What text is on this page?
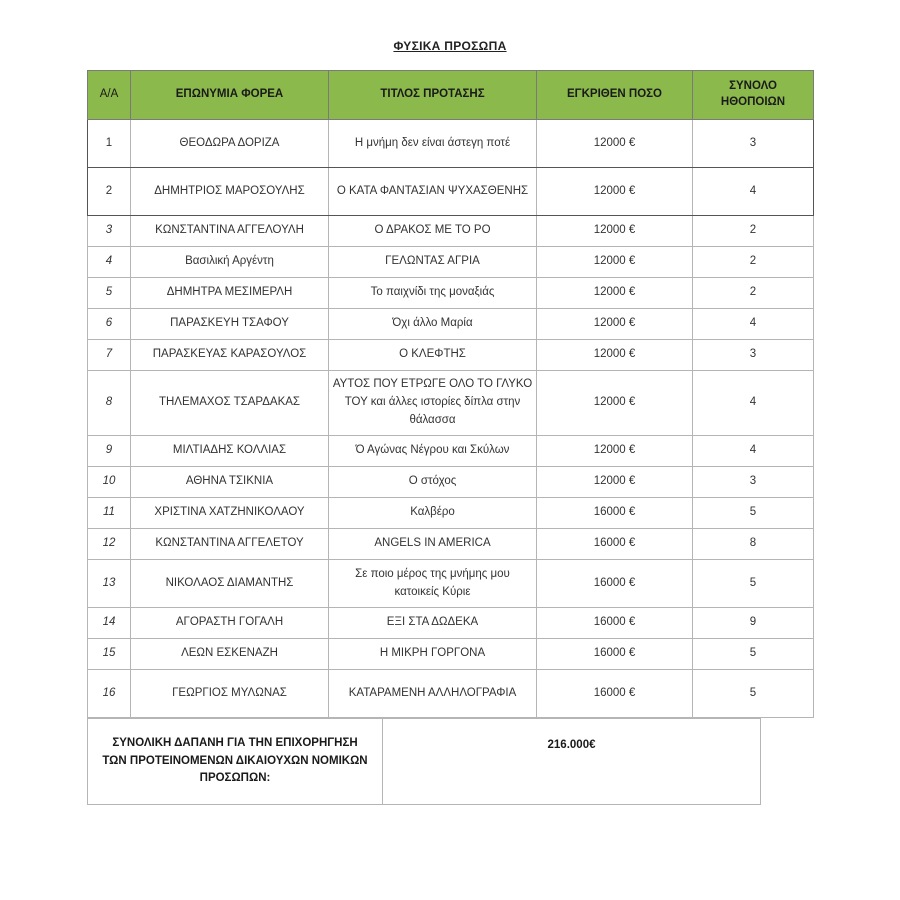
ΦΥΣΙΚΑ ΠΡΟΣΩΠΑ
Α/Α	ΕΠΩΝΥΜΙΑ ΦΟΡΕΑ	ΤΙΤΛΟΣ ΠΡΟΤΑΣΗΣ	ΕΓΚΡΙΘΕΝ ΠΟΣΟ	ΣΥΝΟΛΟ ΗΘΟΠΟΙΩΝ
1	ΘΕΟΔΩΡΑ ΔΟΡΙΖΑ	Η μνήμη δεν είναι άστεγη ποτέ	12000 €	3
2	ΔΗΜΗΤΡΙΟΣ ΜΑΡΟΣΟΥΛΗΣ	Ο ΚΑΤΑ ΦΑΝΤΑΣΙΑΝ ΨΥΧΑΣΘΕΝΗΣ	12000 €	4
3	ΚΩΝΣΤΑΝΤΙΝΑ ΑΓΓΕΛΟΥΛΗ	Ο ΔΡΑΚΟΣ ΜΕ ΤΟ ΡΟ	12000 €	2
4	Βασιλική Αργέντη	ΓΕΛΩΝΤΑΣ ΑΓΡΙΑ	12000 €	2
5	ΔΗΜΗΤΡΑ ΜΕΣΙΜΕΡΛΗ	Το παιχνίδι της μοναξιάς	12000 €	2
6	ΠΑΡΑΣΚΕΥΗ ΤΣΑΦΟΥ	Όχι άλλο Μαρία	12000 €	4
7	ΠΑΡΑΣΚΕΥΑΣ ΚΑΡΑΣΟΥΛΟΣ	Ο ΚΛΕΦΤΗΣ	12000 €	3
8	ΤΗΛΕΜΑΧΟΣ ΤΣΑΡΔΑΚΑΣ	ΑΥΤΟΣ ΠΟΥ ΕΤΡΩΓΕ ΟΛΟ ΤΟ ΓΛΥΚΟ ΤΟΥ και άλλες ιστορίες δίπλα στην θάλασσα	12000 €	4
9	ΜΙΛΤΙΑΔΗΣ ΚΟΛΛΙΑΣ	Ό Αγώνας Νέγρου και Σκύλων	12000 €	4
10	ΑΘΗΝΑ ΤΣΙΚΝΙΑ	Ο στόχος	12000 €	3
11	ΧΡΙΣΤΙΝΑ ΧΑΤΖΗΝΙΚΟΛΑΟΥ	Καλβέρο	16000 €	5
12	ΚΩΝΣΤΑΝΤΙΝΑ ΑΓΓΕΛΕΤΟΥ	ANGELS IN AMERICA	16000 €	8
13	ΝΙΚΟΛΑΟΣ ΔΙΑΜΑΝΤΗΣ	Σε ποιο μέρος της μνήμης μου κατοικείς Κύριε	16000 €	5
14	ΑΓΟΡΑΣΤΗ ΓΟΓΑΛΗ	ΕΞΙ ΣΤΑ ΔΩΔΕΚΑ	16000 €	9
15	ΛΕΩΝ ΕΣΚΕΝΑΖΗ	Η ΜΙΚΡΗ ΓΟΡΓΟΝΑ	16000 €	5
16	ΓΕΩΡΓΙΟΣ ΜΥΛΩΝΑΣ	ΚΑΤΑΡΑΜΕΝΗ ΑΛΛΗΛΟΓΡΑΦΙΑ	16000 €	5
ΣΥΝΟΛΙΚΗ ΔΑΠΑΝΗ ΓΙΑ ΤΗΝ ΕΠΙΧΟΡΗΓΗΣΗ ΤΩΝ ΠΡΟΤΕΙΝΟΜΕΝΩΝ ΔΙΚΑΙΟΥΧΩΝ ΝΟΜΙΚΩΝ ΠΡΟΣΩΠΩΝ:	216.000€
